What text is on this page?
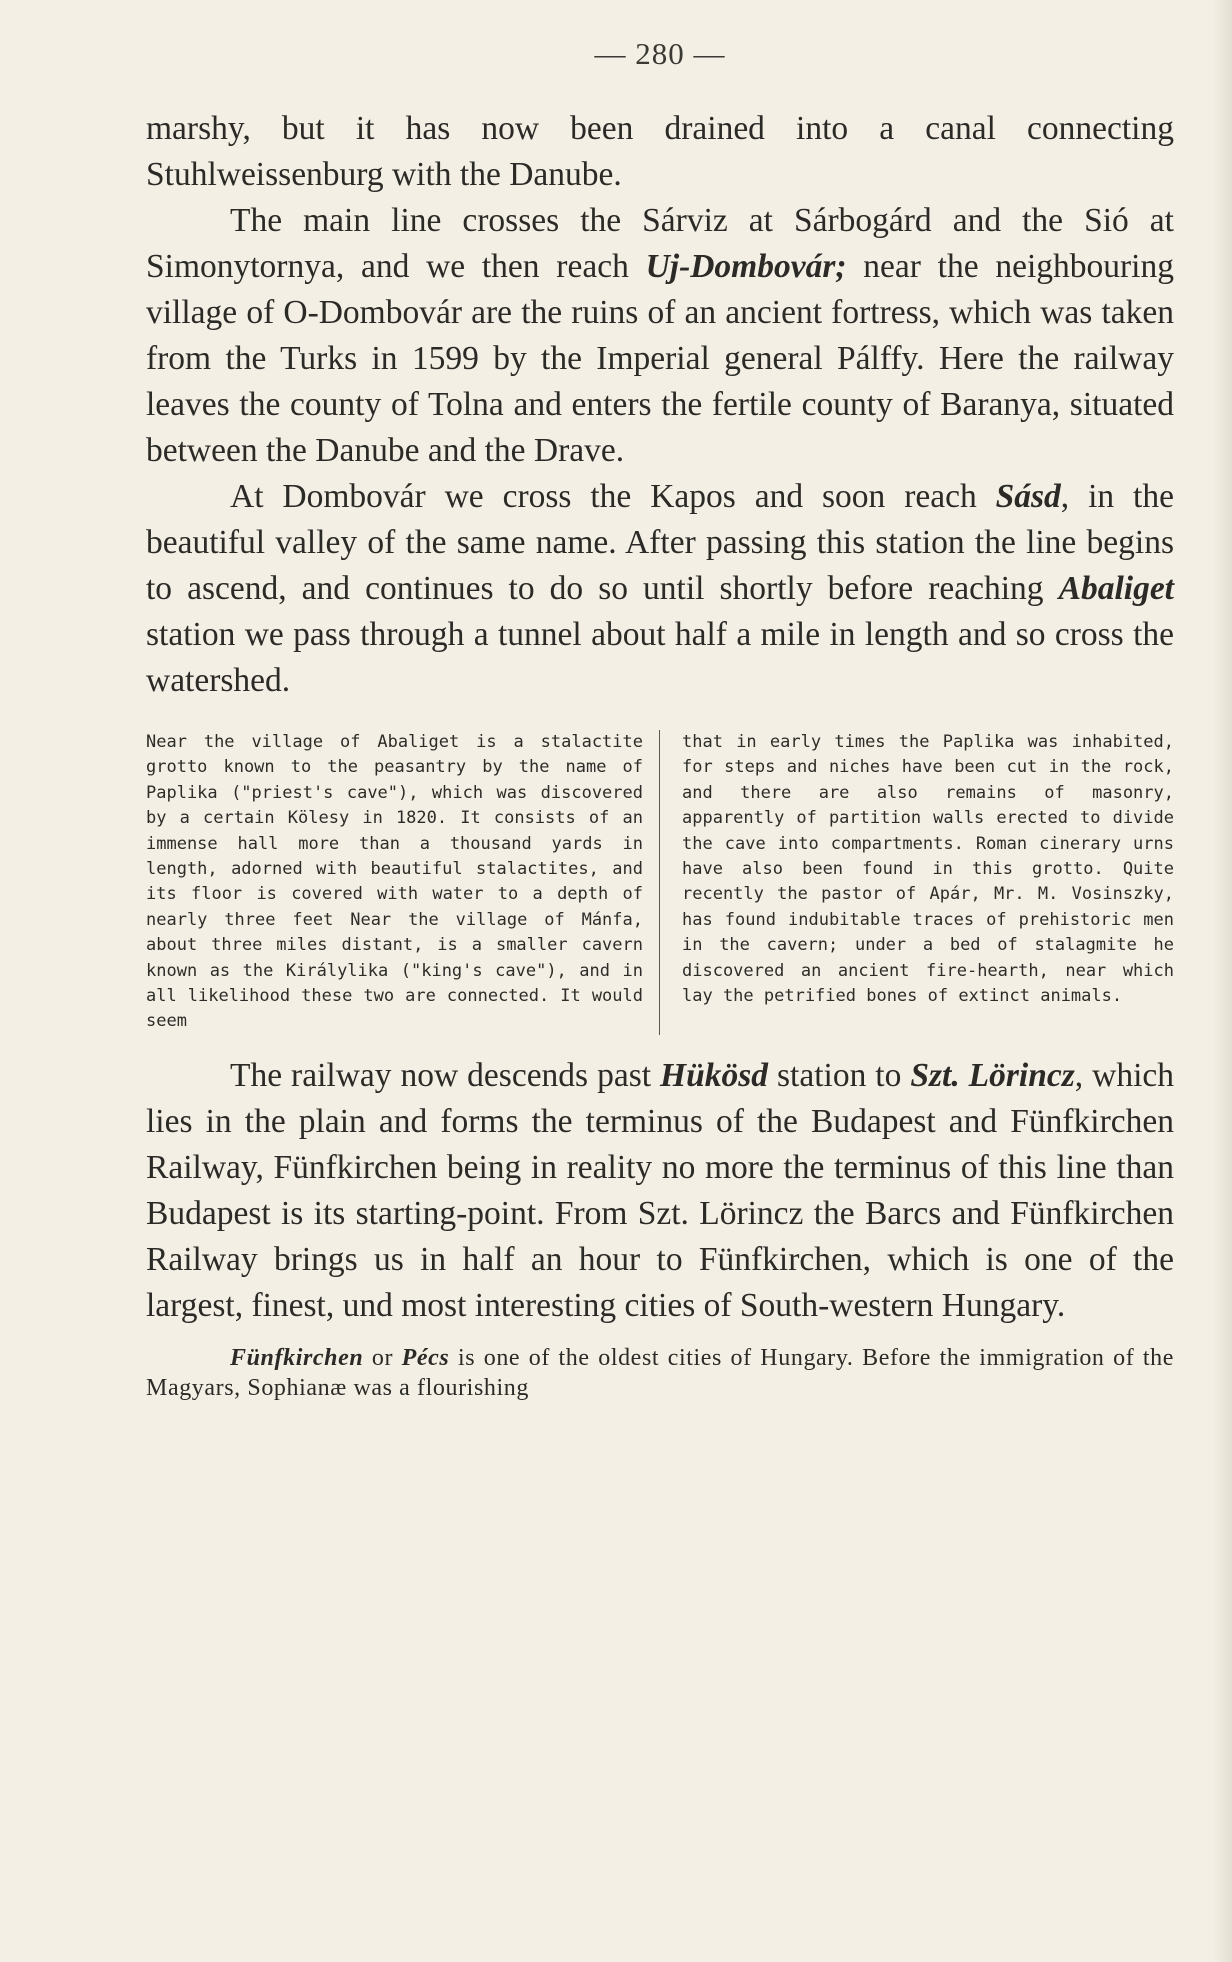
— 280 —

marshy, but it has now been drained into a canal connecting Stuhlweissenburg with the Danube.

The main line crosses the Sárviz at Sárbogárd and the Sió at Simonytornya, and we then reach Uj-Dombovár; near the neighbouring village of O-Dombovár are the ruins of an ancient fortress, which was taken from the Turks in 1599 by the Imperial general Pálffy. Here the railway leaves the county of Tolna and enters the fertile county of Baranya, situated between the Danube and the Drave.

At Dombovár we cross the Kapos and soon reach Sásd, in the beautiful valley of the same name. After passing this station the line begins to ascend, and continues to do so until shortly before reaching Abaliget station we pass through a tunnel about half a mile in length and so cross the watershed.

Near the village of Abaliget is a stalactite grotto known to the peasantry by the name of Paplika ("priest's cave"), which was discovered by a certain Kölesy in 1820. It consists of an immense hall more than a thousand yards in length, adorned with beautiful stalactites, and its floor is covered with water to a depth of nearly three feet Near the village of Mánfa, about three miles distant, is a smaller cavern known as the Királylika ("king's cave"), and in all likelihood these two are connected. It would seem
that in early times the Paplika was inhabited, for steps and niches have been cut in the rock, and there are also remains of masonry, apparently of partition walls erected to divide the cave into compartments. Roman cinerary urns have also been found in this grotto. Quite recently the pastor of Apár, Mr. M. Vosinszky, has found indubitable traces of prehistoric men in the cavern; under a bed of stalagmite he discovered an ancient fire-hearth, near which lay the petrified bones of extinct animals.

The railway now descends past Hükösd station to Szt. Lörincz, which lies in the plain and forms the terminus of the Budapest and Fünfkirchen Railway, Fünfkirchen being in reality no more the terminus of this line than Budapest is its starting-point. From Szt. Lörincz the Barcs and Fünfkirchen Railway brings us in half an hour to Fünfkirchen, which is one of the largest, finest, und most interesting cities of South-western Hungary.

Fünfkirchen or Pécs is one of the oldest cities of Hungary. Before the immigration of the Magyars, Sophianæ was a flourishing
